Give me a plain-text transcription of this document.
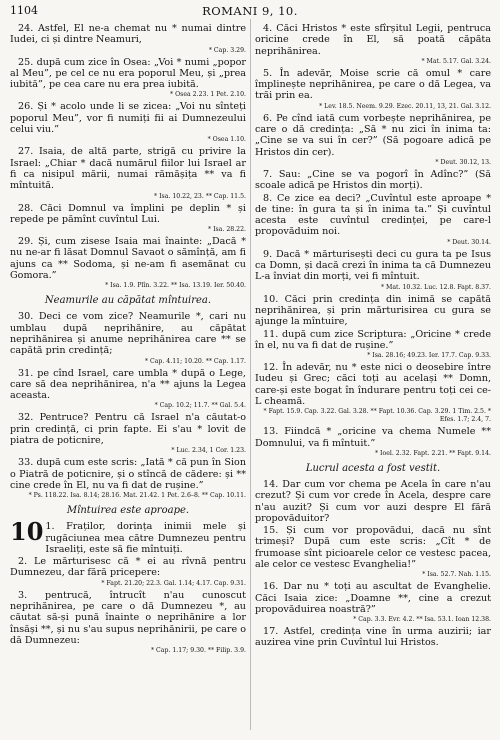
1104	ROMANI 9, 10.

24. Astfel, El ne-a chemat nu * numai dintre Iudei, ci și dintre Neamuri,

* Cap. 3.29.

25. după cum zice în Osea: „Voi * numi „popor al Meu”, pe cel ce nu era poporul Meu, și „prea iubită”, pe cea care nu era prea iubită.

* Osea 2.23. 1 Pet. 2.10.

26. Și * acolo unde li se zicea: „Voi nu sînteți poporul Meu”, vor fi numiți fii ai Dumnezeului celui viu.”

* Osea 1.10.

27. Isaia, de altă parte, strigă cu privire la Israel: „Chiar * dacă numărul fiilor lui Israel ar fi ca nisipul mării, numai rămășița ** va fi mîntuită.

* Isa. 10.22, 23. ** Cap. 11.5.

28. Căci Domnul va împlini pe deplin * și repede pe pămînt cuvîntul Lui.

* Isa. 28.22.

29. Și, cum zisese Isaia mai înainte: „Dacă * nu ne-ar fi lăsat Domnul Savaot o sămînță, am fi ajuns ca ** Sodoma, și ne-am fi asemănat cu Gomora.”

* Isa. 1.9. Plîn. 3.22. ** Isa. 13.19. Ier. 50.40.

Neamurile au căpătat mîntuirea.

30. Deci ce vom zice? Neamurile *, cari nu umblau după neprihănire, au căpătat neprihănirea și anume neprihănirea care ** se capătă prin credință;

* Cap. 4.11; 10.20. ** Cap. 1.17.

31. pe cînd Israel, care umbla * după o Lege, care să dea neprihănirea, n'a ** ajuns la Legea aceasta.

* Cap. 10.2; 11.7. ** Gal. 5.4.

32. Pentruce? Pentru că Israel n'a căutat-o prin credință, ci prin fapte. Ei s'au * lovit de piatra de poticnire,

* Luc. 2.34, 1 Cor. 1.23.

33. după cum este scris: „Iată * că pun în Sion o Piatră de poticnire, și o stîncă de cădere: și ** cine crede în El, nu va fi dat de rușine.”

* Ps. 118.22. Isa. 8.14; 28.16. Mat. 21.42. 1 Pet. 2.6–8. ** Cap. 10.11.

Mîntuirea este aproape.
10 1. Fraților, dorința inimii mele și rugăciunea mea către Dumnezeu pentru Israeliți, este să fie mîntuiți.

2. Le mărturisesc că * ei au rîvnă pentru Dumnezeu, dar fără pricepere:

* Fapt. 21.20; 22.3. Gal. 1.14; 4.17. Cap. 9.31.

3. pentrucă, întrucît n'au cunoscut neprihănirea, pe care o dă Dumnezeu *, au căutat să-și pună înainte o neprihănire a lor însăși **, și nu s'au supus neprihănirii, pe care o dă Dumnezeu:

* Cap. 1.17; 9.30. ** Filip. 3.9.

4. Căci Hristos * este sfîrșitul Legii, pentruca oricine crede în El, să poată căpăta neprihănirea.

* Mat. 5.17. Gal. 3.24.

5. În adevăr, Moise scrie că omul * care împlinește neprihănirea, pe care o dă Legea, va trăi prin ea.

* Lev. 18.5. Neem. 9.29. Ezec. 20.11, 13, 21. Gal. 3.12.

6. Pe cînd iată cum vorbește neprihănirea, pe care o dă credința: „Să * nu zici în inima ta: „Cine se va sui în cer?” (Să pogoare adică pe Hristos din cer).

* Deut. 30.12, 13.

7. Sau: „Cine se va pogorî în Adînc?” (Să scoale adică pe Hristos din morți).

8. Ce zice ea deci? „Cuvîntul este aproape * de tine: în gura ta și în inima ta.” Și cuvîntul acesta este cuvîntul credinței, pe care-l propovăduim noi.

* Deut. 30.14.

9. Dacă * mărturisești deci cu gura ta pe Isus ca Domn, și dacă crezi în inima ta că Dumnezeu L-a înviat din morți, vei fi mîntuit.

* Mat. 10.32. Luc. 12.8. Fapt. 8.37.

10. Căci prin credința din inimă se capătă neprihănirea, și prin mărturisirea cu gura se ajunge la mîntuire,

11. după cum zice Scriptura: „Oricine * crede în el, nu va fi dat de rușine.”

* Isa. 28.16; 49.23. Ier. 17.7. Cap. 9.33.

12. În adevăr, nu * este nici o deosebire între Iudeu și Grec; căci toți au același ** Domn, care-și este bogat în îndurare pentru toți cei ce-L cheamă.

* Fapt. 15.9. Cap. 3.22. Gal. 3.28. ** Fapt. 10.36. Cap. 3.29. 1 Tim. 2.5. * Efes. 1.7; 2.4, 7.

13. Fiindcă * „oricine va chema Numele ** Domnului, va fi mîntuit.”

* Ioel. 2.32. Fapt. 2.21. ** Fapt. 9.14.

Lucrul acesta a fost vestit.

14. Dar cum vor chema pe Acela în care n'au crezut? Și cum vor crede în Acela, despre care n'au auzit? Și cum vor auzi despre El fără propovăduitor?

15. Și cum vor propovădui, dacă nu sînt trimeși? După cum este scris: „Cît * de frumoase sînt picioarele celor ce vestesc pacea, ale celor ce vestesc Evanghelia!”

* Isa. 52.7. Nah. 1.15.

16. Dar nu * toți au ascultat de Evanghelie. Căci Isaia zice: „Doamne **, cine a crezut propovăduirea noastră?”

* Cap. 3.3. Evr. 4.2. ** Isa. 53.1. Ioan 12.38.

17. Astfel, credința vine în urma auzirii; iar auzirea vine prin Cuvîntul lui Hristos.
